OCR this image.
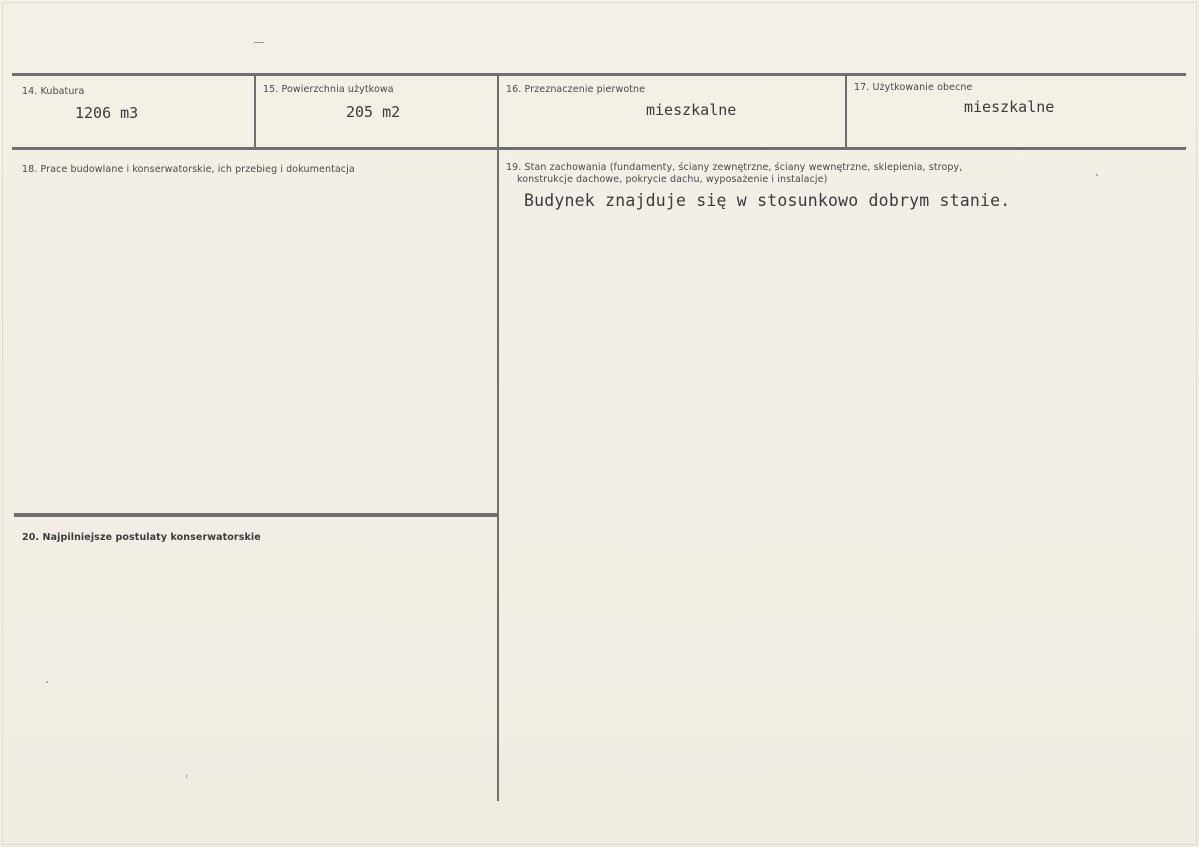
14. Kubatura
1206 m3
15. Powierzchnia użytkowa
205 m2
16. Przeznaczenie pierwotne
mieszkalne
17. Użytkowanie obecne
mieszkalne
18. Prace budowlane i konserwatorskie, ich przebieg i dokumentacja	19. Stan zachowania (fundamenty, ściany zewnętrzne, ściany wewnętrzne, sklepienia, stropy,
konstrukcje dachowe, pokrycie dachu, wyposażenie i instalacje)
Budynek znajduje się w stosunkowo dobrym stanie.
20. Najpilniejsze postulaty konserwatorskie
